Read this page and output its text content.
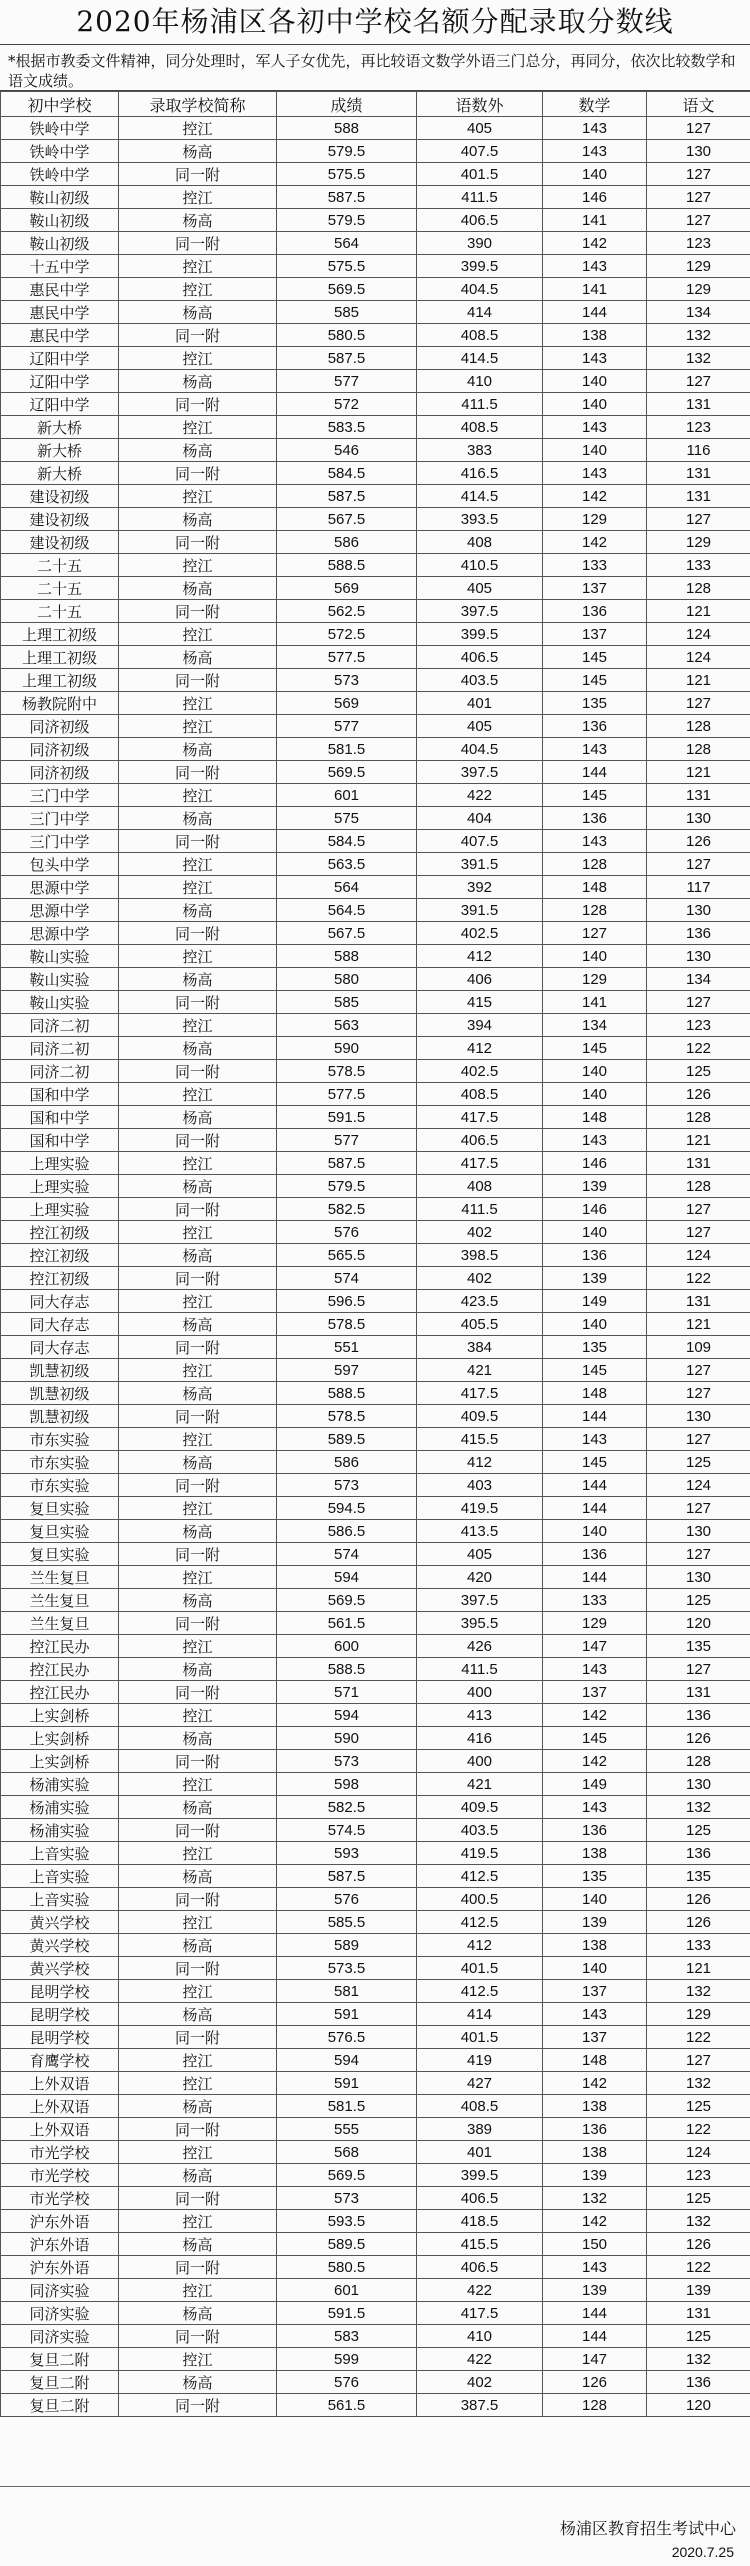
2020年杨浦区各初中学校名额分配录取分数线
*根据市教委文件精神，同分处理时，军人子女优先，再比较语文数学外语三门总分，再同分，依次比较数学和语文成绩。
初中学校	录取学校简称	成绩	语数外	数学	语文
铁岭中学	控江	588	405	143	127
铁岭中学	杨高	579.5	407.5	143	130
铁岭中学	同一附	575.5	401.5	140	127
鞍山初级	控江	587.5	411.5	146	127
鞍山初级	杨高	579.5	406.5	141	127
鞍山初级	同一附	564	390	142	123
十五中学	控江	575.5	399.5	143	129
惠民中学	控江	569.5	404.5	141	129
惠民中学	杨高	585	414	144	134
惠民中学	同一附	580.5	408.5	138	132
辽阳中学	控江	587.5	414.5	143	132
辽阳中学	杨高	577	410	140	127
辽阳中学	同一附	572	411.5	140	131
新大桥	控江	583.5	408.5	143	123
新大桥	杨高	546	383	140	116
新大桥	同一附	584.5	416.5	143	131
建设初级	控江	587.5	414.5	142	131
建设初级	杨高	567.5	393.5	129	127
建设初级	同一附	586	408	142	129
二十五	控江	588.5	410.5	133	133
二十五	杨高	569	405	137	128
二十五	同一附	562.5	397.5	136	121
上理工初级	控江	572.5	399.5	137	124
上理工初级	杨高	577.5	406.5	145	124
上理工初级	同一附	573	403.5	145	121
杨教院附中	控江	569	401	135	127
同济初级	控江	577	405	136	128
同济初级	杨高	581.5	404.5	143	128
同济初级	同一附	569.5	397.5	144	121
三门中学	控江	601	422	145	131
三门中学	杨高	575	404	136	130
三门中学	同一附	584.5	407.5	143	126
包头中学	控江	563.5	391.5	128	127
思源中学	控江	564	392	148	117
思源中学	杨高	564.5	391.5	128	130
思源中学	同一附	567.5	402.5	127	136
鞍山实验	控江	588	412	140	130
鞍山实验	杨高	580	406	129	134
鞍山实验	同一附	585	415	141	127
同济二初	控江	563	394	134	123
同济二初	杨高	590	412	145	122
同济二初	同一附	578.5	402.5	140	125
国和中学	控江	577.5	408.5	140	126
国和中学	杨高	591.5	417.5	148	128
国和中学	同一附	577	406.5	143	121
上理实验	控江	587.5	417.5	146	131
上理实验	杨高	579.5	408	139	128
上理实验	同一附	582.5	411.5	146	127
控江初级	控江	576	402	140	127
控江初级	杨高	565.5	398.5	136	124
控江初级	同一附	574	402	139	122
同大存志	控江	596.5	423.5	149	131
同大存志	杨高	578.5	405.5	140	121
同大存志	同一附	551	384	135	109
凯慧初级	控江	597	421	145	127
凯慧初级	杨高	588.5	417.5	148	127
凯慧初级	同一附	578.5	409.5	144	130
市东实验	控江	589.5	415.5	143	127
市东实验	杨高	586	412	145	125
市东实验	同一附	573	403	144	124
复旦实验	控江	594.5	419.5	144	127
复旦实验	杨高	586.5	413.5	140	130
复旦实验	同一附	574	405	136	127
兰生复旦	控江	594	420	144	130
兰生复旦	杨高	569.5	397.5	133	125
兰生复旦	同一附	561.5	395.5	129	120
控江民办	控江	600	426	147	135
控江民办	杨高	588.5	411.5	143	127
控江民办	同一附	571	400	137	131
上实剑桥	控江	594	413	142	136
上实剑桥	杨高	590	416	145	126
上实剑桥	同一附	573	400	142	128
杨浦实验	控江	598	421	149	130
杨浦实验	杨高	582.5	409.5	143	132
杨浦实验	同一附	574.5	403.5	136	125
上音实验	控江	593	419.5	138	136
上音实验	杨高	587.5	412.5	135	135
上音实验	同一附	576	400.5	140	126
黄兴学校	控江	585.5	412.5	139	126
黄兴学校	杨高	589	412	138	133
黄兴学校	同一附	573.5	401.5	140	121
昆明学校	控江	581	412.5	137	132
昆明学校	杨高	591	414	143	129
昆明学校	同一附	576.5	401.5	137	122
育鹰学校	控江	594	419	148	127
上外双语	控江	591	427	142	132
上外双语	杨高	581.5	408.5	138	125
上外双语	同一附	555	389	136	122
市光学校	控江	568	401	138	124
市光学校	杨高	569.5	399.5	139	123
市光学校	同一附	573	406.5	132	125
沪东外语	控江	593.5	418.5	142	132
沪东外语	杨高	589.5	415.5	150	126
沪东外语	同一附	580.5	406.5	143	122
同济实验	控江	601	422	139	139
同济实验	杨高	591.5	417.5	144	131
同济实验	同一附	583	410	144	125
复旦二附	控江	599	422	147	132
复旦二附	杨高	576	402	126	136
复旦二附	同一附	561.5	387.5	128	120
杨浦区教育招生考试中心
2020.7.25
